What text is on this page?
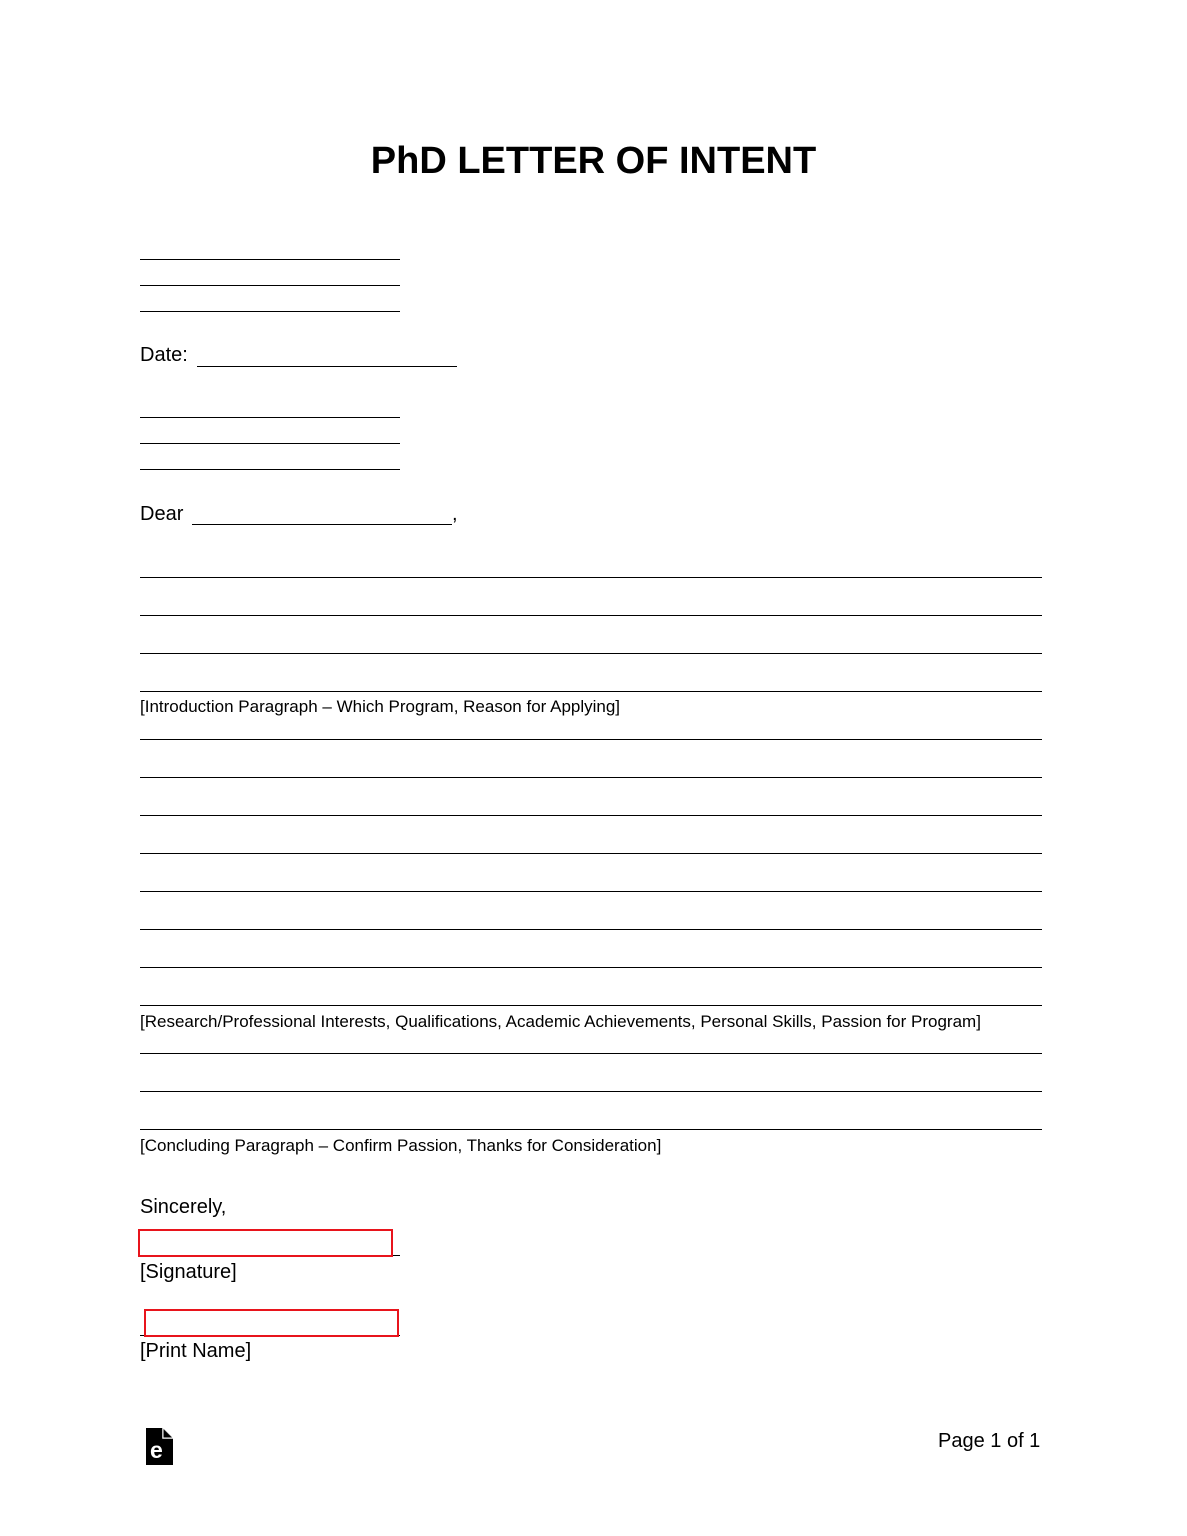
PhD LETTER OF INTENT
Date:
Dear	,
[Introduction Paragraph – Which Program, Reason for Applying]
[Research/Professional Interests, Qualifications, Academic Achievements, Personal Skills, Passion for Program]
[Concluding Paragraph – Confirm Passion, Thanks for Consideration]
Sincerely,
[Signature]
[Print Name]
e	Page 1 of 1
